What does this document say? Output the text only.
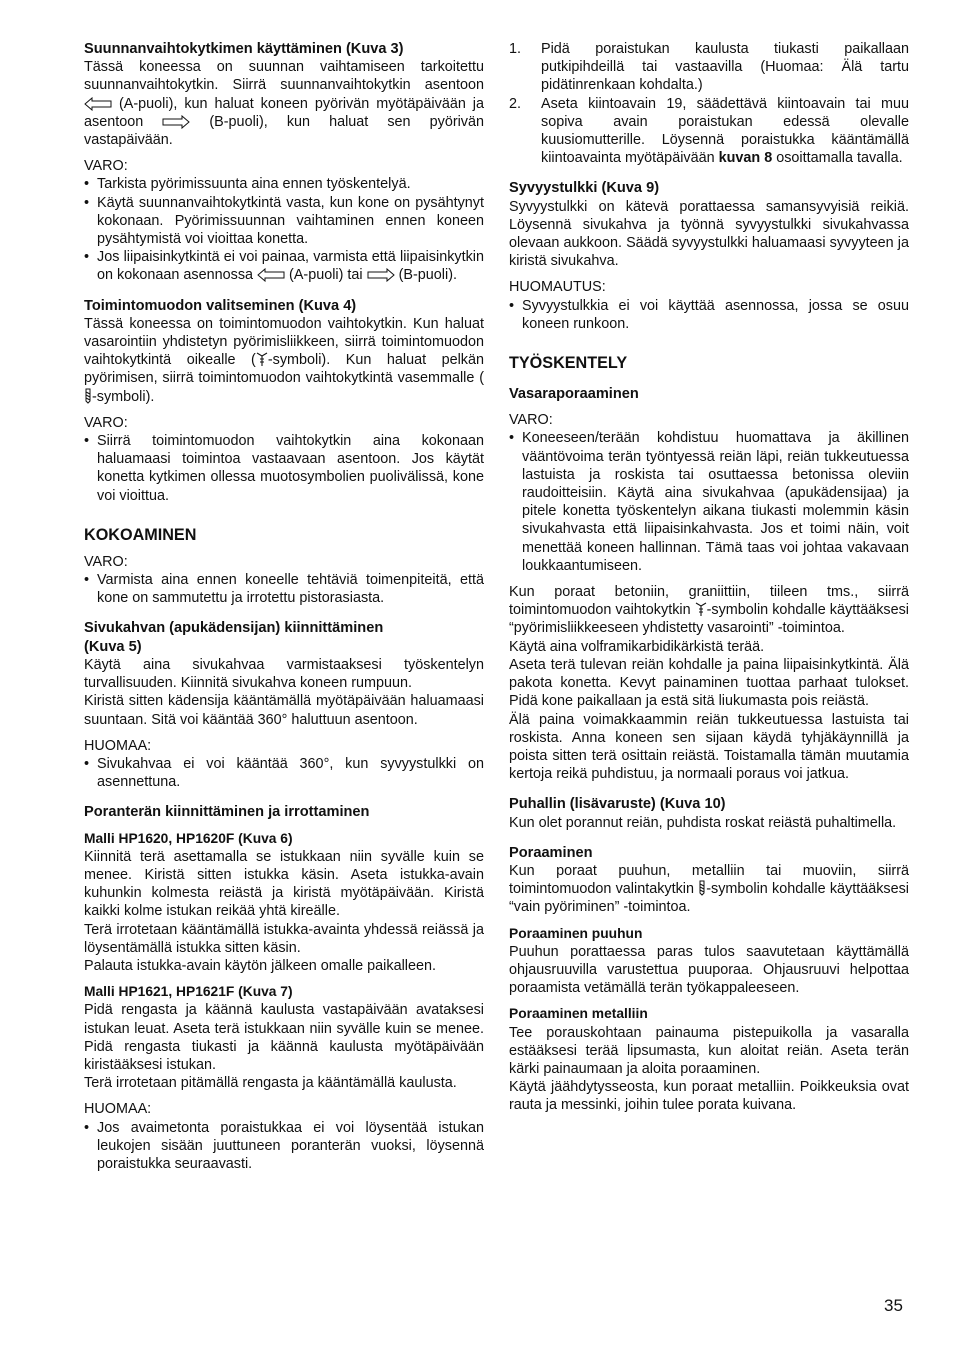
Suunnanvaihtokytkimen käyttäminen (Kuva 3)

Tässä koneessa on suunnan vaihtamiseen tarkoitettu suunnanvaihtokytkin. Siirrä suunnanvaihtokytkin asentoon  (A-puoli), kun haluat koneen pyörivän myötäpäivään ja asentoon	(B-puoli), kun haluat sen pyörivän vastapäivään.

VARO:

• Tarkista pyörimissuunta aina ennen työskentelyä.
• Käytä suunnanvaihtokytkintä vasta, kun kone on pysähtynyt kokonaan. Pyörimissuunnan vaihtaminen ennen koneen pysähtymistä voi vioittaa konetta.
• Jos liipaisinkytkintä ei voi painaa, varmista että liipaisinkytkin on kokonaan asennossa	(A-puoli) tai	(B-puoli).
Toimintomuodon valitseminen (Kuva 4)

Tässä koneessa on toimintomuodon vaihtokytkin. Kun haluat vasarointiin yhdistetyn pyörimisliikkeen, siirrä toimintomuodon vaihtokytkintä oikealle ( -symboli). Kun haluat pelkän pyörimisen, siirrä toimintomuodon vaihtokytkintä vasemmalle (-symboli).

VARO:

• Siirrä toimintomuodon vaihtokytkin aina kokonaan haluamaasi toimintoa vastaavaan asentoon. Jos käytät konetta kytkimen ollessa muotosymbolien puolivälissä, kone voi vioittua.
KOKOAMINEN

VARO:

• Varmista aina ennen koneelle tehtäviä toimenpiteitä, että kone on sammutettu ja irrotettu pistorasiasta.
Sivukahvan (apukädensijan) kiinnittäminen
(Kuva 5)

Käytä aina sivukahvaa varmistaaksesi työskentelyn turvallisuuden. Kiinnitä sivukahva koneen rumpuun.

Kiristä sitten kädensija kääntämällä myötäpäivään haluamaasi suuntaan. Sitä voi kääntää 360° haluttuun asentoon.

HUOMAA:

• Sivukahvaa ei voi kääntää 360°, kun syvyystulkki on asennettuna.
Poranterän kiinnittäminen ja irrottaminen
Malli HP1620, HP1620F (Kuva 6)

Kiinnitä terä asettamalla se istukkaan niin syvälle kuin se menee. Kiristä sitten istukka käsin. Aseta istukka-avain kuhunkin kolmesta reiästä ja kiristä myötäpäivään. Kiristä kaikki kolme istukan reikää yhtä kireälle.

Terä irrotetaan kääntämällä istukka-avainta yhdessä reiässä ja löysentämällä istukka sitten käsin.

Palauta istukka-avain käytön jälkeen omalle paikalleen.

Malli HP1621, HP1621F (Kuva 7)

Pidä rengasta ja käännä kaulusta vastapäivään avataksesi istukan leuat. Aseta terä istukkaan niin syvälle kuin se menee. Pidä rengasta tiukasti ja käännä kaulusta myötäpäivään kiristääksesi istukan.

Terä irrotetaan pitämällä rengasta ja kääntämällä kaulusta.

HUOMAA:

• Jos avaimetonta poraistukkaa ei voi löysentää istukan leukojen sisään juuttuneen poranterän vuoksi, löysennä poraistukka seuraavasti.
1. Pidä poraistukan kaulusta tiukasti paikallaan putkipihdeillä tai vastaavilla (Huomaa: Älä tartu pidätinrenkaan kohdalta.)
2. Aseta kiintoavain 19, säädettävä kiintoavain tai muu sopiva avain poraistukan edessä olevalle kuusiomutterille. Löysennä poraistukka kääntämällä kiintoavainta myötäpäivään kuvan 8 osoittamalla tavalla.
Syvyystulkki (Kuva 9)

Syvyystulkki on kätevä porattaessa samansyvyisiä reikiä. Löysennä sivukahva ja työnnä syvyystulkki sivukahvassa olevaan aukkoon. Säädä syvyystulkki haluamaasi syvyyteen ja kiristä sivukahva.

HUOMAUTUS:

• Syvyystulkkia ei voi käyttää asennossa, jossa se osuu koneen runkoon.
TYÖSKENTELY
Vasaraporaaminen

VARO:

• Koneeseen/terään kohdistuu huomattava ja äkillinen vääntövoima terän työntyessä reiän läpi, reiän tukkeutuessa lastuista ja roskista tai osuttaessa betonissa oleviin raudoitteisiin. Käytä aina sivukahvaa (apukädensijaa) ja pitele konetta työskentelyn aikana tiukasti molemmin käsin sivukahvasta että liipaisinkahvasta. Jos et toimi näin, voit menettää koneen hallinnan. Tämä taas voi johtaa vakavaan loukkaantumiseen.

Kun poraat betoniin, graniittiin, tiileen tms., siirrä toimintomuodon vaihtokytkin -symbolin kohdalle käyttääksesi “pyörimisliikkeeseen yhdistetty vasarointi” -toimintoa.

Käytä aina volframikarbidikärkistä terää.

Aseta terä tulevan reiän kohdalle ja paina liipaisinkytkintä. Älä pakota konetta. Kevyt painaminen tuottaa parhaat tulokset. Pidä kone paikallaan ja estä sitä liukumasta pois reiästä.

Älä paina voimakkaammin reiän tukkeutuessa lastuista tai roskista. Anna koneen sen sijaan käydä tyhjäkäynnillä ja poista sitten terä osittain reiästä. Toistamalla tämän muutamia kertoja reikä puhdistuu, ja normaali poraus voi jatkua.

Puhallin (lisävaruste) (Kuva 10)

Kun olet porannut reiän, puhdista roskat reiästä puhaltimella.

Poraaminen

Kun poraat puuhun, metalliin tai muoviin, siirrä toimintomuodon valintakytkin -symbolin kohdalle käyttääksesi “vain pyöriminen” -toimintoa.

Poraaminen puuhun

Puuhun porattaessa paras tulos saavutetaan käyttämällä ohjausruuvilla varustettua puuporaa. Ohjausruuvi helpottaa poraamista vetämällä terän työkappaleeseen.

Poraaminen metalliin

Tee porauskohtaan painauma pistepuikolla ja vasaralla estääksesi terää lipsumasta, kun aloitat reiän. Aseta terän kärki painaumaan ja aloita poraaminen.

Käytä jäähdytysseosta, kun poraat metalliin. Poikkeuksia ovat rauta ja messinki, joihin tulee porata kuivana.

35
